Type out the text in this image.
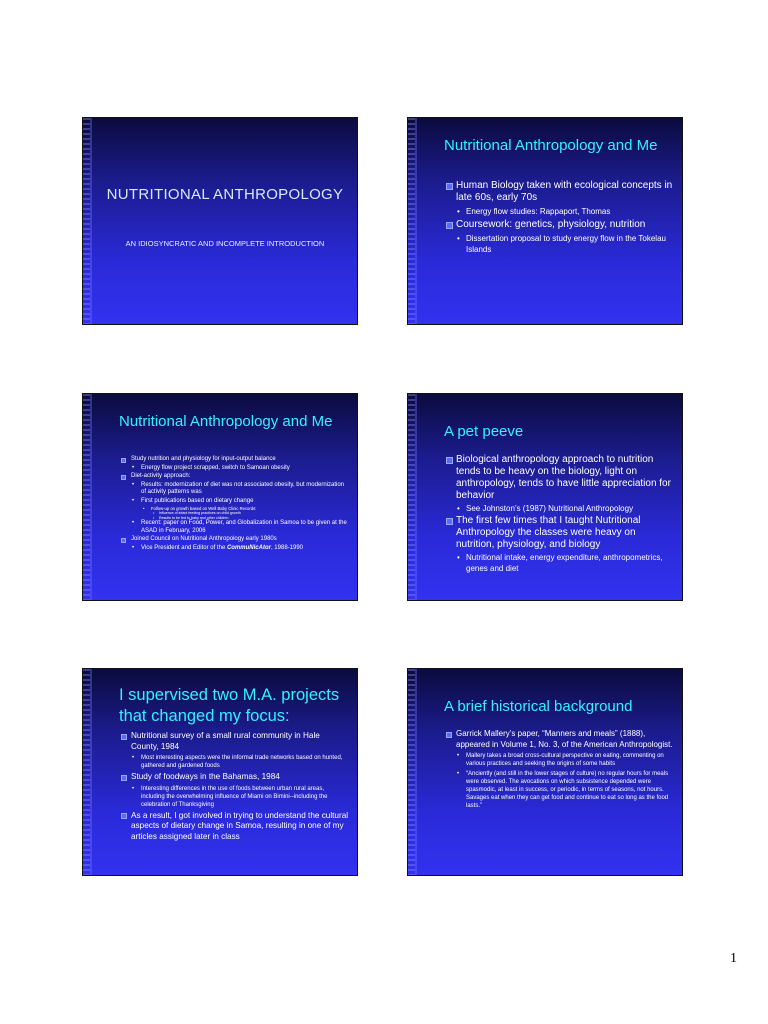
NUTRITIONAL ANTHROPOLOGY
AN IDIOSYNCRATIC AND INCOMPLETE INTRODUCTION
Nutritional Anthropology and Me
Human Biology taken with ecological concepts in late 60s, early 70s
• Energy flow studies: Rappaport, Thomas
Coursework: genetics, physiology, nutrition
• Dissertation proposal to study energy flow in the Tokelau Islands
Nutritional Anthropology and Me
Study nutrition and physiology for input-output balance
• Energy flow project scrapped, switch to Samoan obesity
Diet-activity approach:
• Results: modernization of diet was not associated obesity, but modernization of activity patterns was
• First publications based on dietary change
• Follow-up on growth based on Well Baby Clinic Records:
• Influence of infant feeding practices on child growth
• Results to be fed to baby and other children
• Recent: paper on Food, Power, and Globalization in Samoa to be given at the ASAD in February, 2006
Joined Council on Nutritional Anthropology early 1980s
• Vice President and Editor of the CommuNicAtor, 1988-1990
A pet peeve
Biological anthropology approach to nutrition tends to be heavy on the biology, light on anthropology, tends to have little appreciation for behavior
• See Johnston’s (1987) Nutritional Anthropology
The first few times that I taught Nutritional Anthropology the classes were heavy on nutrition, physiology, and biology
• Nutritional intake, energy expenditure, anthropometrics, genes and diet
I supervised two M.A. projects that changed my focus:
Nutritional survey of a small rural community in Hale County, 1984
• Most interesting aspects were the informal trade networks based on hunted, gathered and gardened foods
Study of foodways in the Bahamas, 1984
• Interesting differences in the use of foods between urban rural areas, including the overwhelming influence of Miami on Bimini--including the celebration of Thanksgiving
As a result, I got involved in trying to understand the cultural aspects of dietary change in Samoa, resulting in one of my articles assigned later in class
A brief historical background
Garrick Mallery’s paper, “Manners and meals” (1888), appeared in Volume 1, No. 3, of the American Anthropologist.
• Mallery takes a broad cross-cultural perspective on eating, commenting on various practices and seeking the origins of some habits
• “Anciently (and still in the lower stages of culture) no regular hours for meals were observed. The avocations on which subsistence depended were spasmodic, at least in success, or periodic, in terms of seasons, not hours. Savages eat when they can get food and continue to eat so long as the food lasts.”
1
